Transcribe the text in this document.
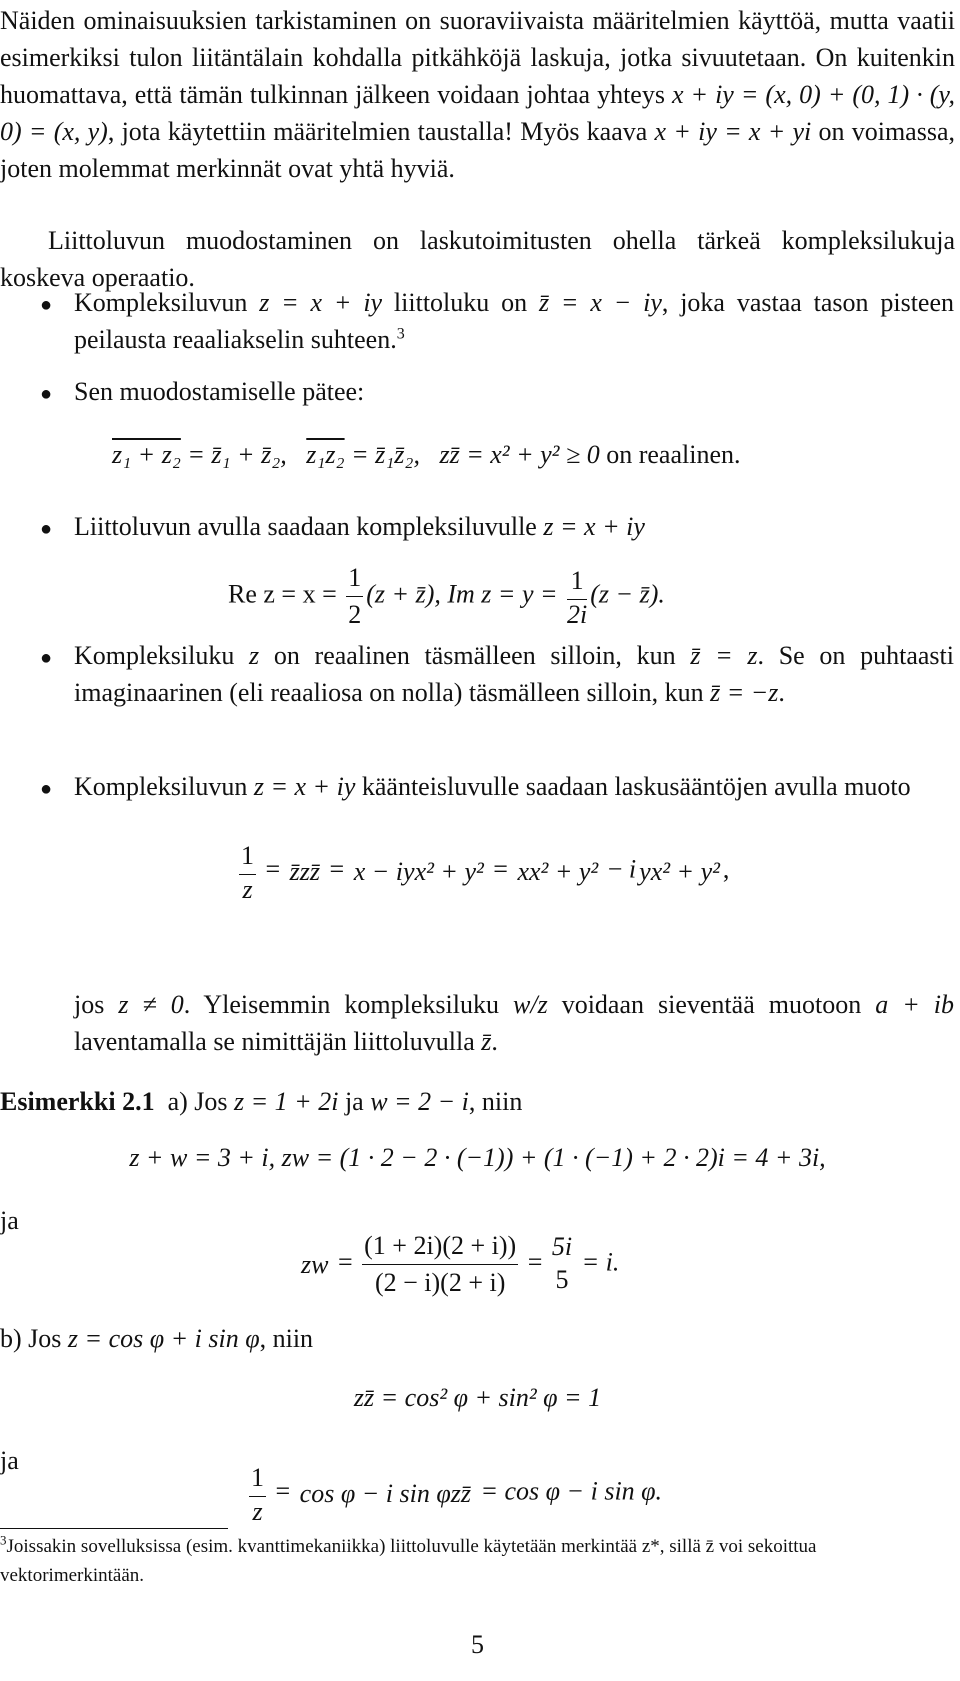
Näiden ominaisuuksien tarkistaminen on suoraviivaista määritelmien käyttöä, mutta vaatii esimerkiksi tulon liitäntälain kohdalla pitkähköjä laskuja, jotka sivuutetaan. On kuitenkin huomattava, että tämän tulkinnan jälkeen voidaan johtaa yhteys x + iy = (x, 0) + (0, 1) · (y, 0) = (x, y), jota käytettiin määritelmien taustalla! Myös kaava x + iy = x + yi on voimassa, joten molemmat merkinnät ovat yhtä hyviä.

Liittoluvun muodostaminen on laskutoimitusten ohella tärkeä kompleksilukuja koskeva operaatio.

● Kompleksiluvun z = x + iy liittoluku on z̄ = x − iy, joka vastaa tason pisteen peilausta reaaliakselin suhteen.$^3$

● Sen muodostamiselle pätee:

z₁ + z₂ = z̄₁ + z̄₂, z₁z₂ = z̄₁z̄₂, zz̄ = x² + y² ≥ 0 on reaalinen.
● Liittoluvun avulla saadaan kompleksiluvulle z = x + iy

Re $z = x = \frac{1}{2} (z$ + z̄), Im $z = y = \frac{1}{2i} (z$ − z̄).
● Kompleksiluku z on reaalinen täsmälleen silloin, kun z̄ = z. Se on puhtaasti imaginaarinen (eli reaaliosa on nolla) täsmälleen silloin, kun z̄ = −z.

● Kompleksiluvun z = x + iy käänteisluvulle saadaan laskusääntöjen avulla muoto

$\frac{1}{z}$ = z̄zz̄ = x − iyx² + y² = xx² + y² − i yx² + y² ,

jos z ≠ 0. Yleisemmin kompleksiluku w/z voidaan sieventää muotoon a + ib laventamalla se nimittäjän liittoluvulla z̄.

Esimerkki 2.1 a) Jos z = 1 + 2i ja w = 2 − i, niin

z + w = 3 + i, zw = (1 · 2 − 2 · (−1)) + (1 · (−1) + 2 · 2)i = 4 + 3i,

ja

zw = $\frac{(1 + 2i)(2 + i))}{(2 - i)(2 + i)} = 5i$
5
= i.

b) Jos z = cos φ + i sin φ, niin

zz̄ = cos² φ + sin² φ = 1

ja	$\frac{1}{z} = \cos \varphi - i$ sin φzz̄ = cos φ − i sin φ.
$^3$Joissakin sovelluksissa (esim. kvanttimekaniikka) liittoluvulle käytetään merkintää z*, sillä z̄ voi sekoittua vektorimerkintään.
5
